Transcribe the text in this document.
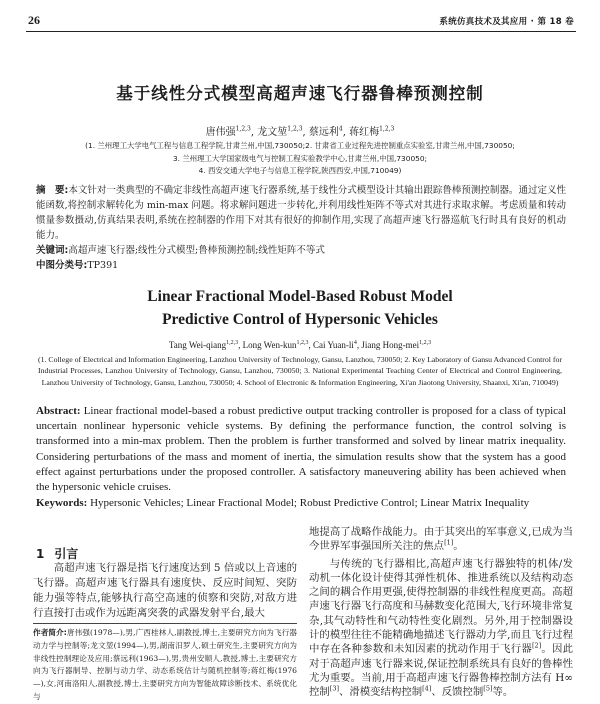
26	系统仿真技术及其应用 · 第 18 卷
基于线性分式模型高超声速飞行器鲁棒预测控制
唐伟强$^{1,2,3}$, 龙文堃$^{1,2,3}$, 蔡远利$^4$, 蒋红梅$^{1,2,3}$
(1. 兰州理工大学电气工程与信息工程学院,甘肃兰州,中国,730050;2. 甘肃省工业过程先进控制重点实验室,甘肃兰州,中国,730050;
3. 兰州理工大学国家级电气与控制工程实验教学中心,甘肃兰州,中国,730050;
4. 西安交通大学电子与信息工程学院,陕西西安,中国,710049)
摘　要:本文针对一类典型的不确定非线性高超声速飞行器系统,基于线性分式模型设计其输出跟踪鲁棒预测控制器。通过定义性能函数,将控制求解转化为 min-max 问题。将求解问题进一步转化,并利用线性矩阵不等式对其进行求取求解。考虑质量和转动惯量参数摄动,仿真结果表明,系统在控制器的作用下对其有很好的抑制作用,实现了高超声速飞行器巡航飞行时具有良好的机动能力。
关键词:高超声速飞行器;线性分式模型;鲁棒预测控制;线性矩阵不等式
中图分类号:TP391
Linear Fractional Model-Based Robust Model
Predictive Control of Hypersonic Vehicles
Tang Wei-qiang$^{1,2,3}$, Long Wen-kun$^{1,2,3}$, Cai Yuan-$li^4$, Jiang Hong-mei$^{1,2,3}$
(1. College of Electrical and Information Engineering, Lanzhou University of Technology, Gansu, Lanzhou, 730050; 2. Key Laboratory of Gansu Advanced Control for Industrial Processes, Lanzhou University of Technology, Gansu, Lanzhou, 730050; 3. National Experimental Teaching Center of Electrical and Control Engineering, Lanzhou University of Technology, Gansu, Lanzhou, 730050; 4. School of Electronic & Information Engineering, Xi'an Jiaotong University, Shaanxi, Xi'an, 710049)
Abstract: Linear fractional model-based a robust predictive output tracking controller is proposed for a class of typical uncertain nonlinear hypersonic vehicle systems. By defining the performance function, the control solving is transformed into a min-max problem. Then the problem is further transformed and solved by linear matrix inequality. Considering perturbations of the mass and moment of inertia, the simulation results show that the system has a good effect against perturbations under the proposed controller. A satisfactory maneuvering ability has been achieved when the hypersonic vehicle cruises.
Keywords: Hypersonic Vehicles; Linear Fractional Model; Robust Predictive Control; Linear Matrix Inequality
1 引言

高超声速飞行器是指飞行速度达到 5 倍或以上音速的飞行器。高超声速飞行器具有速度快、反应时间短、突防能力强等特点,能够执行高空高速的侦察和突防,对敌方进行直接打击或作为远距离突袭的武器发射平台,最大

作者简介:唐伟强(1978—),男,广西桂林人,副教授,博士,主要研究方向为飞行器动力学与控制等;龙文堃(1994—),男,湖南汨罗人,硕士研究生,主要研究方向为非线性控制理论及应用;蔡远利(1963—),男,贵州安顺人,教授,博士,主要研究方向为飞行器制导、控制与动力学、动态系统估计与随机控制等;蒋红梅(1976—),女,河南洛阳人,副教授,博士,主要研究方向为智能故障诊断技术、系统优化与

地提高了战略作战能力。由于其突出的军事意义,已成为当今世界军事强国所关注的焦点[1]。

与传统的飞行器相比,高超声速飞行器独特的机体/发动机一体化设计使得其弹性机体、推进系统以及结构动态之间的耦合作用更强,使得控制器的非线性程度更高。高超声速飞行器飞行高度和马赫数变化范围大,飞行环境非常复杂,其气动特性和气动特性变化剧烈。另外,用于控制器设计的模型往往不能精确地描述飞行器动力学,而且飞行过程中存在各种参数和未知因素的扰动作用于飞行器[2]。因此对于高超声速飞行器来说,保证控制系统具有良好的鲁棒性尤为重要。当前,用于高超声速飞行器鲁棒控制方法有 H∞控制[3]、滑模变结构控制[4]、反馈控制[5]等。
